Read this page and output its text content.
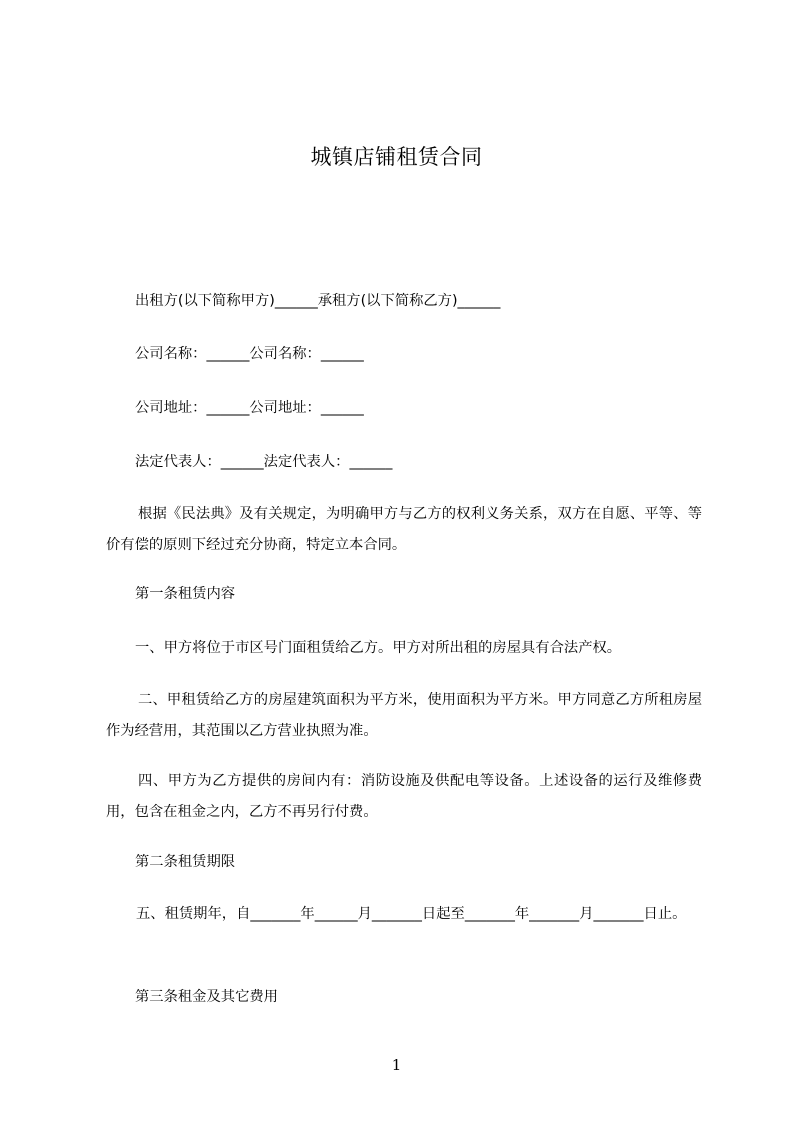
城镇店铺租赁合同

出租方(以下简称甲方)______承租方(以下简称乙方)______

公司名称：______公司名称：______

公司地址：______公司地址：______

法定代表人：______法定代表人：______

根据《民法典》及有关规定，为明确甲方与乙方的权利义务关系，双方在自愿、平等、等价有偿的原则下经过充分协商，特定立本合同。

第一条租赁内容

一、甲方将位于市区号门面租赁给乙方。甲方对所出租的房屋具有合法产权。

二、甲租赁给乙方的房屋建筑面积为平方米，使用面积为平方米。甲方同意乙方所租房屋作为经营用，其范围以乙方营业执照为准。

四、甲方为乙方提供的房间内有：消防设施及供配电等设备。上述设备的运行及维修费用，包含在租金之内，乙方不再另行付费。

第二条租赁期限

五、租赁期年，自_______年______月_______日起至_______年_______月_______日止。

第三条租金及其它费用

1
